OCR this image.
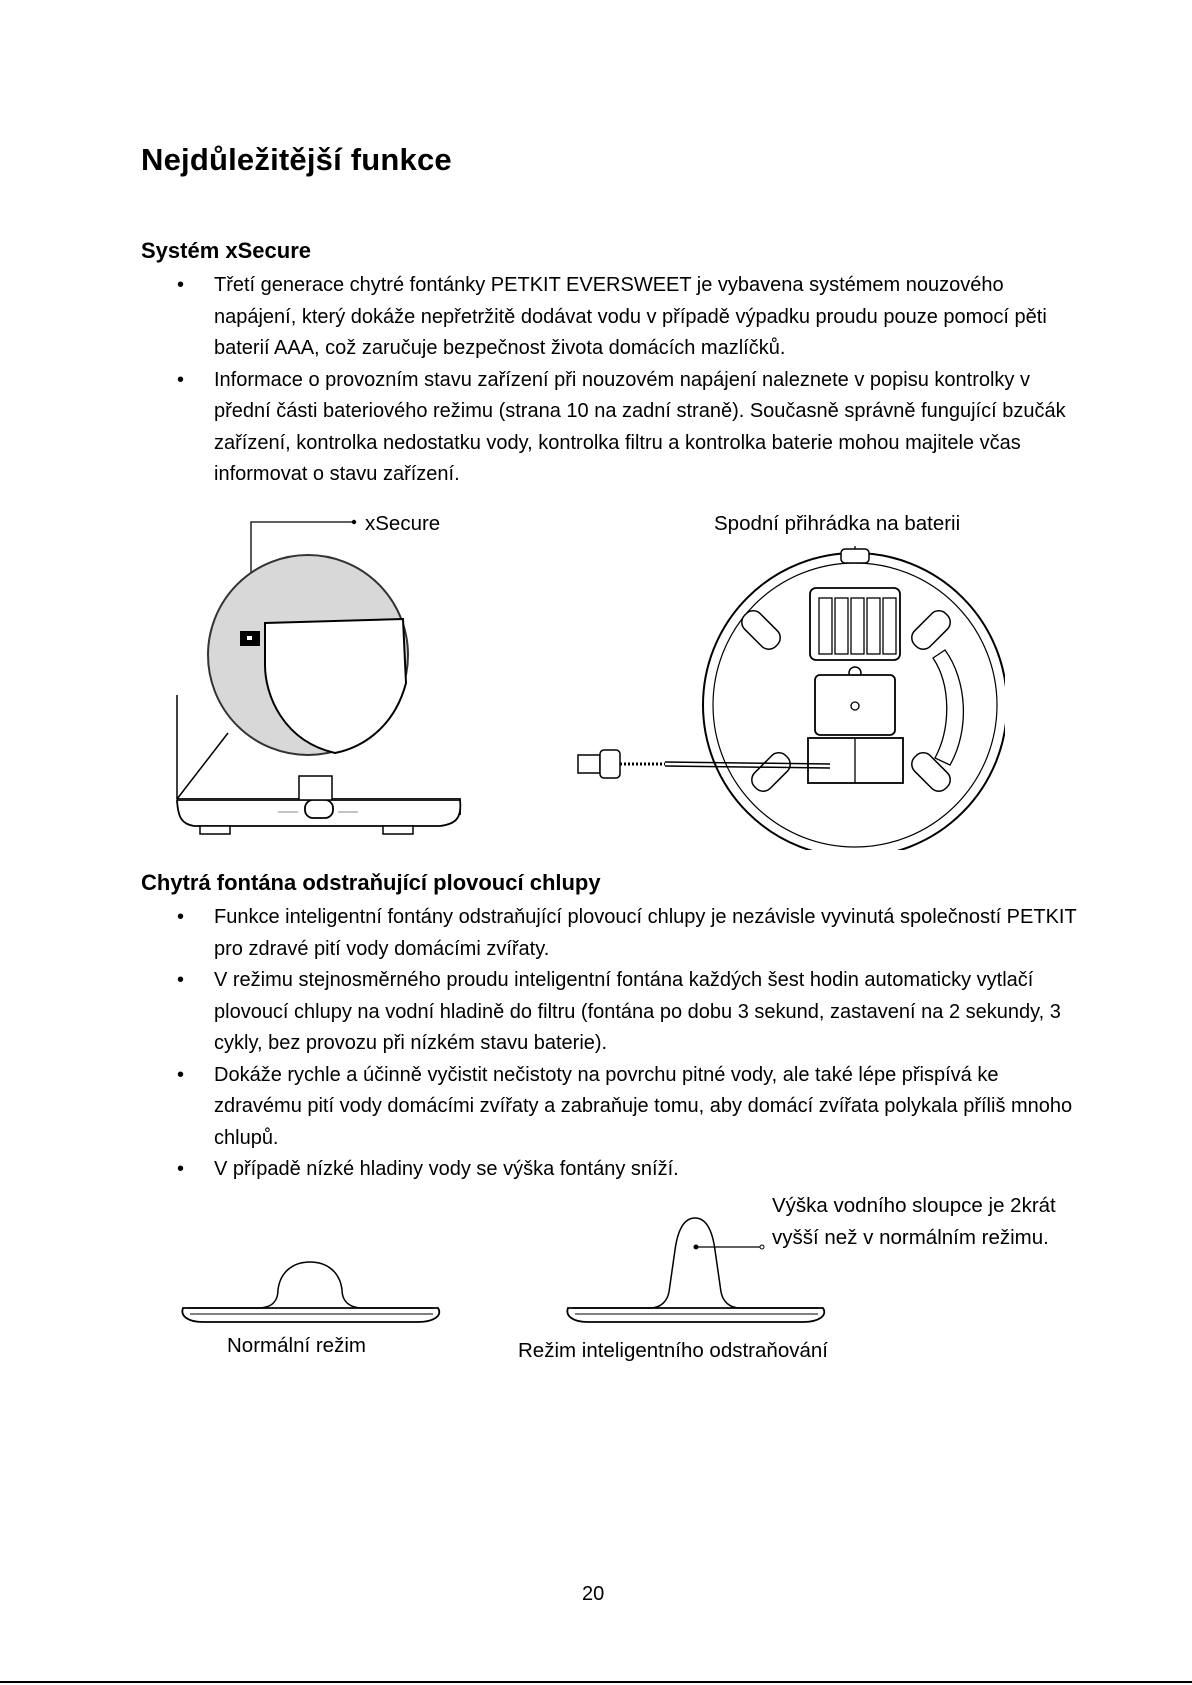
Nejdůležitější funkce
Systém xSecure
• Třetí generace chytré fontánky PETKIT EVERSWEET je vybavena systémem nouzového napájení, který dokáže nepřetržitě dodávat vodu v případě výpadku proudu pouze pomocí pěti baterií AAA, což zaručuje bezpečnost života domácích mazlíčků.
• Informace o provozním stavu zařízení při nouzovém napájení naleznete v popisu kontrolky v přední části bateriového režimu (strana 10 na zadní straně). Současně správně fungující bzučák zařízení, kontrolka nedostatku vody, kontrolka filtru a kontrolka baterie mohou majitele včas informovat o stavu zařízení.

xSecure	Spodní přihrádka na baterii

Chytrá fontána odstraňující plovoucí chlupy
• Funkce inteligentní fontány odstraňující plovoucí chlupy je nezávisle vyvinutá společností PETKIT pro zdravé pití vody domácími zvířaty.
• V režimu stejnosměrného proudu inteligentní fontána každých šest hodin automaticky vytlačí plovoucí chlupy na vodní hladině do filtru (fontána po dobu 3 sekund, zastavení na 2 sekundy, 3 cykly, bez provozu při nízkém stavu baterie).
• Dokáže rychle a účinně vyčistit nečistoty na povrchu pitné vody, ale také lépe přispívá ke zdravému pití vody domácími zvířaty a zabraňuje tomu, aby domácí zvířata polykala příliš mnoho chlupů.
• V případě nízké hladiny vody se výška fontány sníží.

Výška vodního sloupce je 2krát vyšší než v normálním režimu.

Normální režim	Režim inteligentního odstraňování

20
